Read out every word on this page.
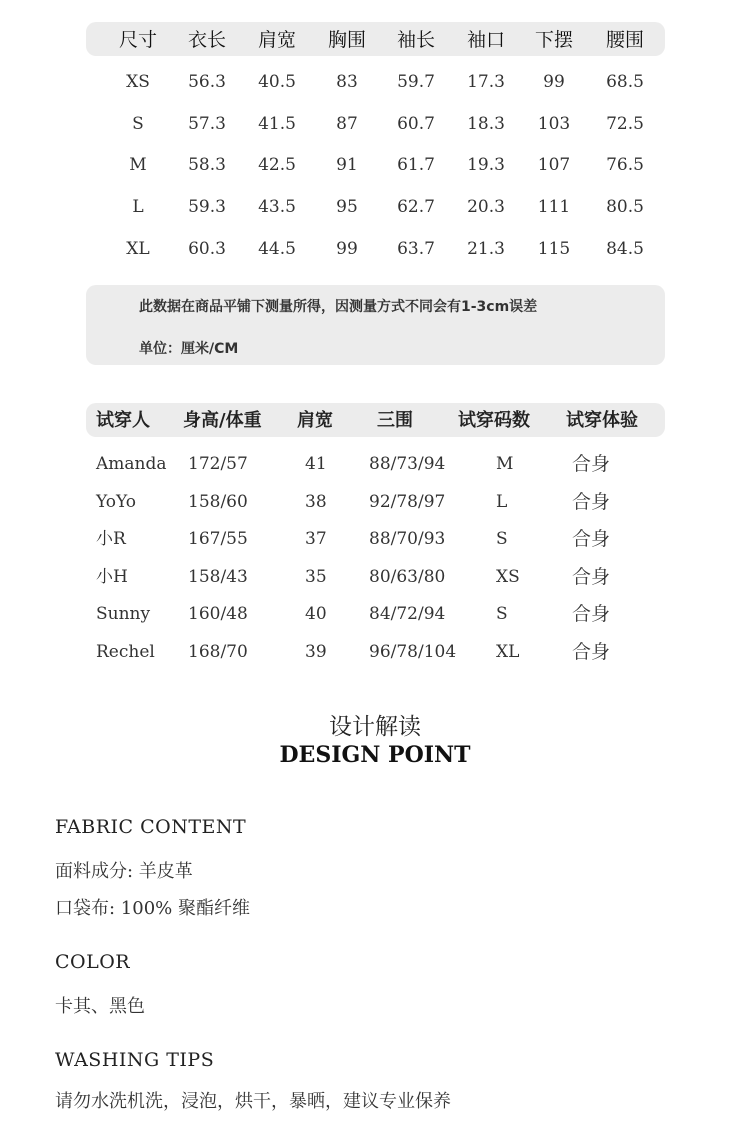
尺寸 衣长 肩宽 胸围 袖长 袖口 下摆 腰围
XS 56.3 40.5 83 59.7 17.3 99 68.5
S	57.3 41.5 87 60.7 18.3 103 72.5
M 58.3 42.5 91 61.7 19.3 107 76.5
L	59.3 43.5 95 62.7 20.3 111 80.5
XL 60.3 44.5 99 63.7 21.3 115 84.5
此数据在商品平铺下测量所得，因测量方式不同会有1-3cm误差
单位：厘米/CM
试穿人 身高/体重 肩宽 三围	试穿码数 试穿体验
Amanda 172/57	41 88/73/94	M	合身
YoYo	158/60	38 92/78/97	L	合身
小R	167/55	37 88/70/93	S	合身
小H	158/43	35 80/63/80	XS	合身
Sunny 160/48	40 84/72/94	S	合身
Rechel 168/70	39 96/78/104 XL	合身
设计解读
DESIGN POINT
FABRIC CONTENT
面料成分: 羊皮革
口袋布: 100% 聚酯纤维
COLOR
卡其、黑色
WASHING TIPS
请勿水洗机洗，浸泡，烘干，暴晒，建议专业保养
